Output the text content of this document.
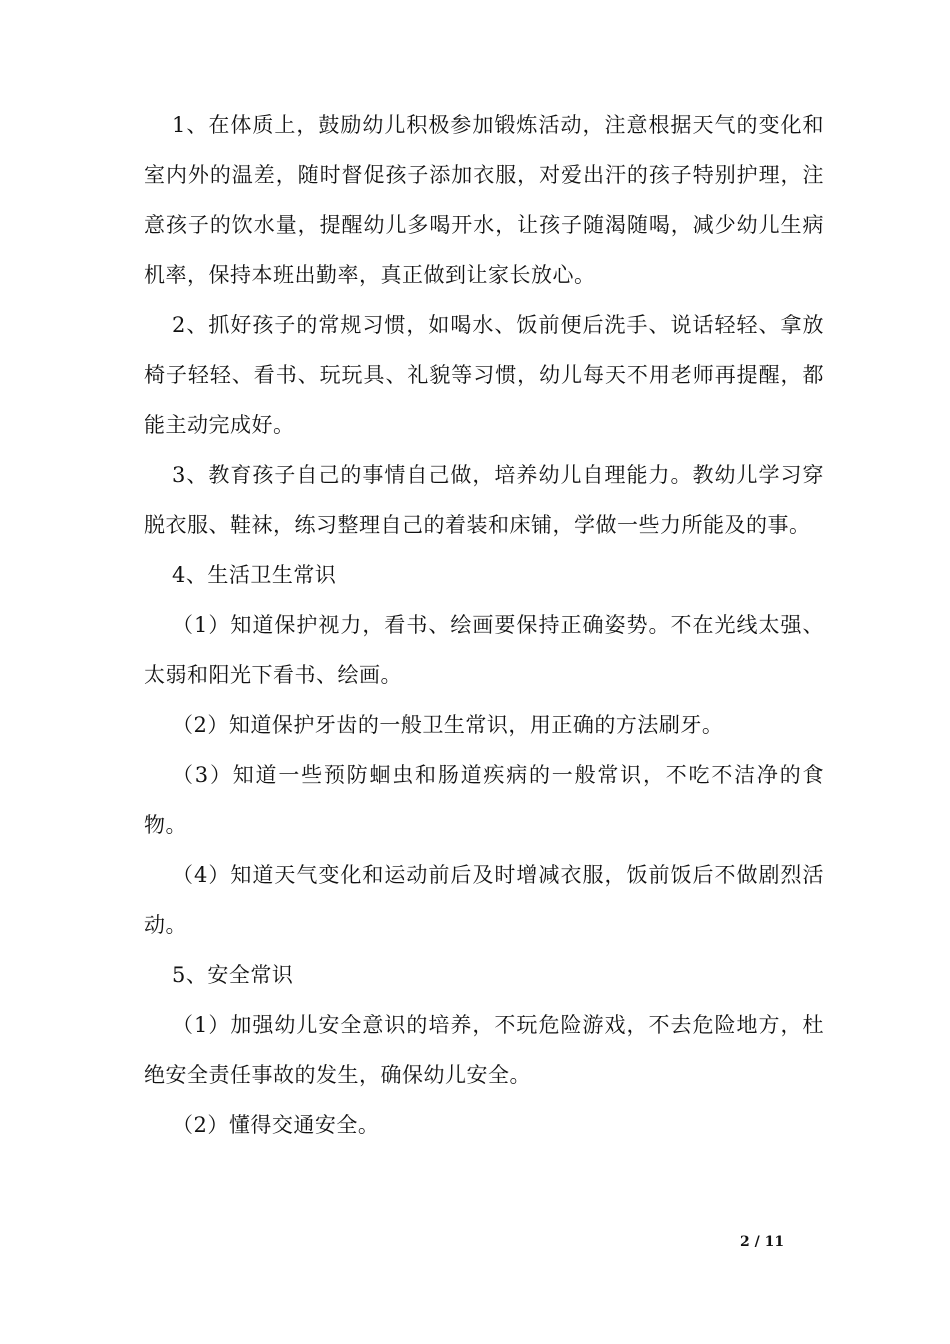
1、在体质上，鼓励幼儿积极参加锻炼活动，注意根据天气的变化和室内外的温差，随时督促孩子添加衣服，对爱出汗的孩子特别护理，注意孩子的饮水量，提醒幼儿多喝开水，让孩子随渴随喝，减少幼儿生病机率，保持本班出勤率，真正做到让家长放心。

2、抓好孩子的常规习惯，如喝水、饭前便后洗手、说话轻轻、拿放椅子轻轻、看书、玩玩具、礼貌等习惯，幼儿每天不用老师再提醒，都能主动完成好。

3、教育孩子自己的事情自己做，培养幼儿自理能力。教幼儿学习穿脱衣服、鞋袜，练习整理自己的着装和床铺，学做一些力所能及的事。

4、生活卫生常识

（1）知道保护视力，看书、绘画要保持正确姿势。不在光线太强、太弱和阳光下看书、绘画。

（2）知道保护牙齿的一般卫生常识，用正确的方法刷牙。

（3）知道一些预防蛔虫和肠道疾病的一般常识，不吃不洁净的食物。

（4）知道天气变化和运动前后及时增减衣服，饭前饭后不做剧烈活动。

5、安全常识

（1）加强幼儿安全意识的培养，不玩危险游戏，不去危险地方，杜绝安全责任事故的发生，确保幼儿安全。

（2）懂得交通安全。

2 / 11
